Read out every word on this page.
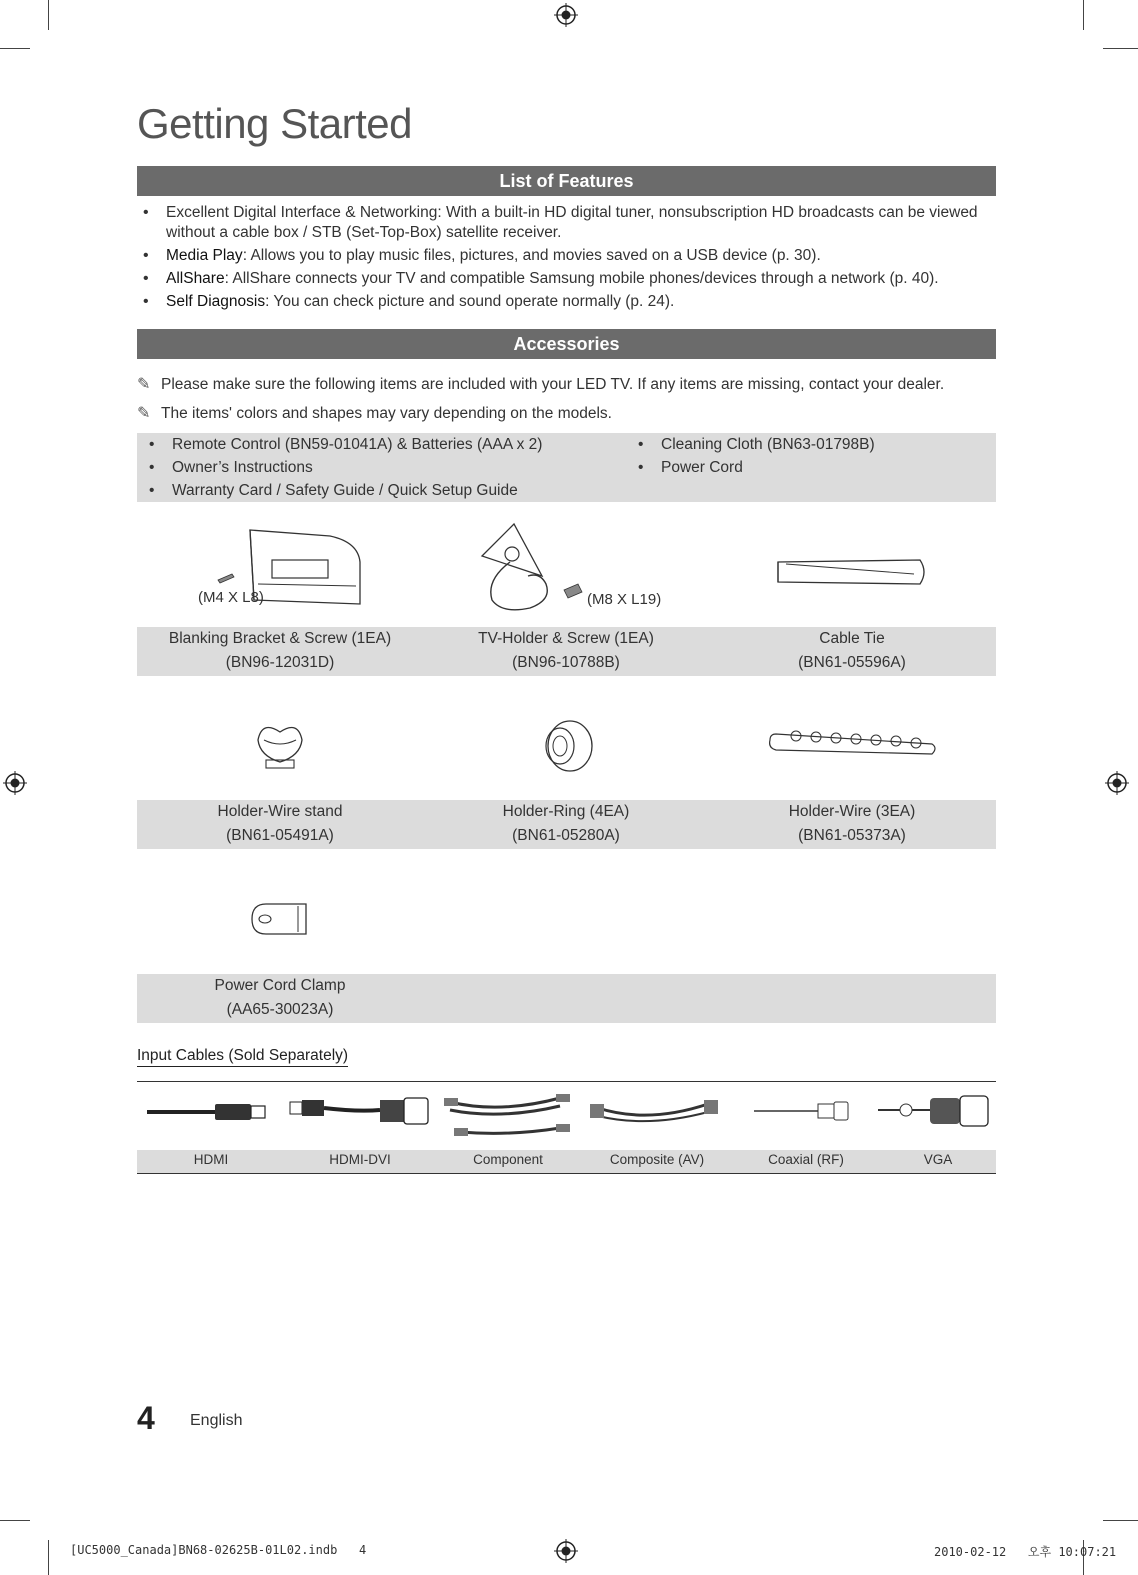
Getting Started
List of Features
• Excellent Digital Interface & Networking: With a built-in HD digital tuner, nonsubscription HD broadcasts can be viewed without a cable box / STB (Set-Top-Box) satellite receiver.
• Media Play: Allows you to play music files, pictures, and movies saved on a USB device (p. 30).
• AllShare: AllShare connects your TV and compatible Samsung mobile phones/devices through a network (p. 40).
• Self Diagnosis: You can check picture and sound operate normally (p. 24).
Accessories
✎ Please make sure the following items are included with your LED TV. If any items are missing, contact your dealer.
✎ The items' colors and shapes may vary depending on the models.
• Remote Control (BN59-01041A) & Batteries (AAA x 2)
• Owner’s Instructions
• Warranty Card / Safety Guide / Quick Setup Guide
• Cleaning Cloth (BN63-01798B)
• Power Cord
(M4 X L8)	(M8 X L19)
Blanking Bracket & Screw (1EA)
(BN96-12031D)
TV-Holder & Screw (1EA)
(BN96-10788B)
Cable Tie
(BN61-05596A)
Holder-Wire stand
(BN61-05491A)
Holder-Ring (4EA)
(BN61-05280A)
Holder-Wire (3EA)
(BN61-05373A)
Power Cord Clamp
(AA65-30023A)
Input Cables (Sold Separately)
HDMI	HDMI-DVI	Component	Composite (AV)	Coaxial (RF)	VGA
4 English
[UC5000_Canada]BN68-02625B-01L02.indb   4	2010-02-12   오후 10:07:21
